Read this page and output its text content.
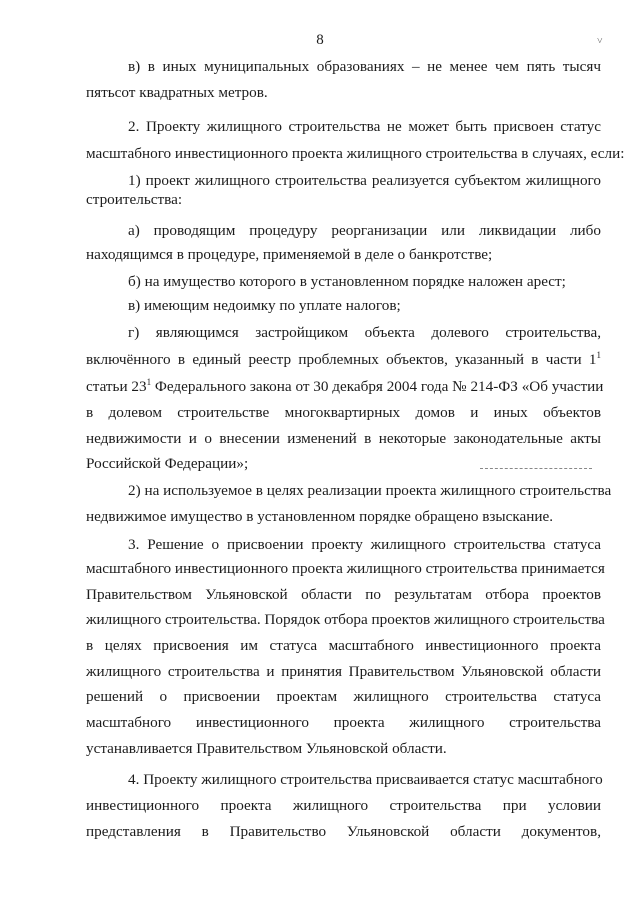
8	˅
в) в иных муниципальных образованиях – не менее чем пять тысяч
пятьсот квадратных метров.
2. Проекту жилищного строительства не может быть присвоен статус
масштабного инвестиционного проекта жилищного строительства в случаях, если:
1) проект жилищного строительства реализуется субъектом жилищного
строительства:
а) проводящим процедуру реорганизации или ликвидации либо
находящимся в процедуре, применяемой в деле о банкротстве;
б) на имущество которого в установленном порядке наложен арест;
в) имеющим недоимку по уплате налогов;
г) являющимся застройщиком объекта долевого строительства,
включённого в единый реестр проблемных объектов, указанный в части $1^1$
статьи $23^1$ Федерального закона от 30 декабря 2004 года № 214-ФЗ «Об участии
в долевом строительстве многоквартирных домов и иных объектов
недвижимости и о внесении изменений в некоторые законодательные акты
Российской Федерации»;
2) на используемое в целях реализации проекта жилищного строительства
недвижимое имущество в установленном порядке обращено взыскание.
3. Решение о присвоении проекту жилищного строительства статуса
масштабного инвестиционного проекта жилищного строительства принимается
Правительством Ульяновской области по результатам отбора проектов
жилищного строительства. Порядок отбора проектов жилищного строительства
в целях присвоения им статуса масштабного инвестиционного проекта
жилищного строительства и принятия Правительством Ульяновской области
решений о присвоении проектам жилищного строительства статуса
масштабного инвестиционного проекта жилищного строительства
устанавливается Правительством Ульяновской области.
4. Проекту жилищного строительства присваивается статус масштабного
инвестиционного проекта жилищного строительства при условии
представления в Правительство Ульяновской области документов,
